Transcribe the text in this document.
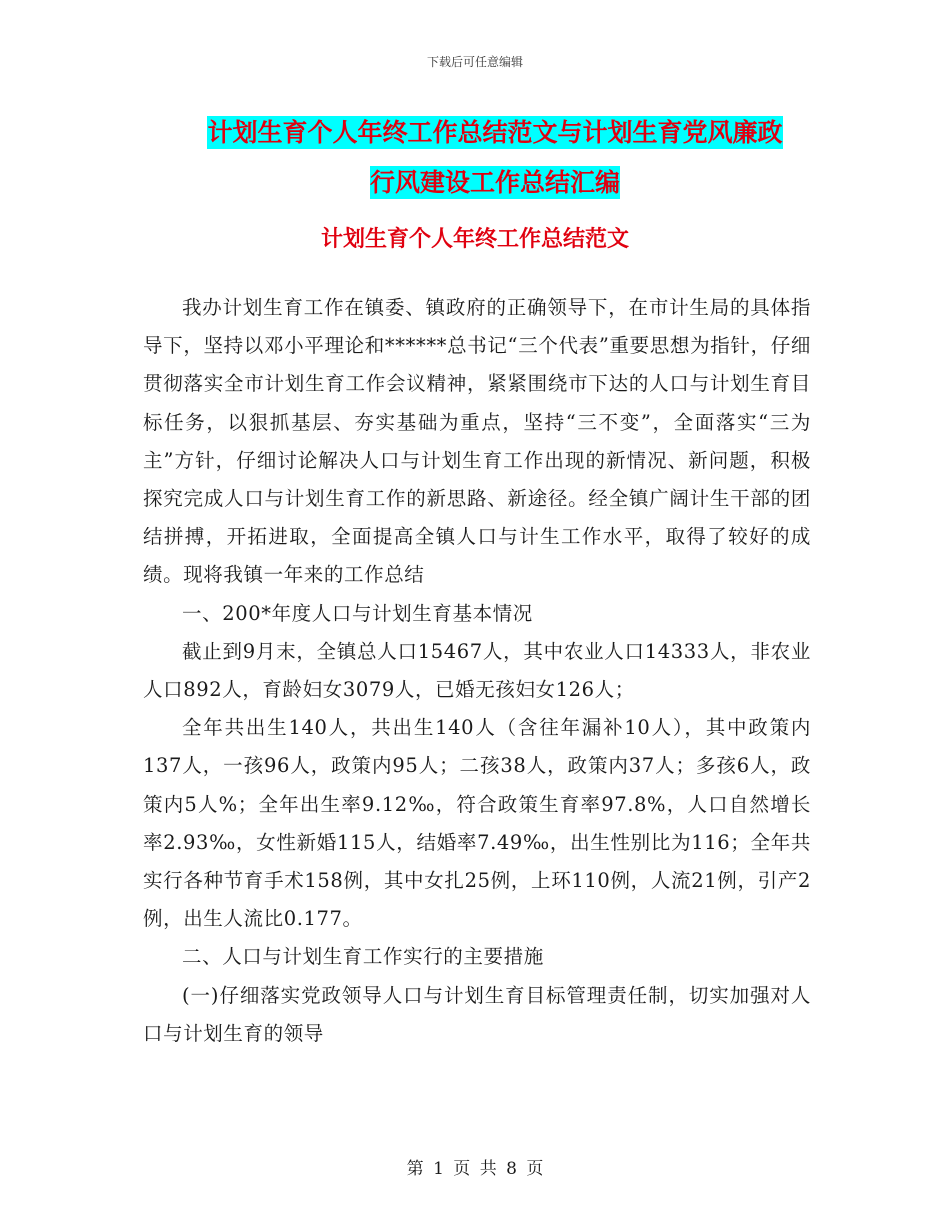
下载后可任意编辑
计划生育个人年终工作总结范文与计划生育党风廉政
行风建设工作总结汇编
计划生育个人年终工作总结范文

我办计划生育工作在镇委、镇政府的正确领导下，在市计生局的具体指导下，坚持以邓小平理论和******总书记“三个代表”重要思想为指针，仔细贯彻落实全市计划生育工作会议精神，紧紧围绕市下达的人口与计划生育目标任务，以狠抓基层、夯实基础为重点，坚持“三不变”，全面落实“三为主”方针，仔细讨论解决人口与计划生育工作出现的新情况、新问题，积极探究完成人口与计划生育工作的新思路、新途径。经全镇广阔计生干部的团结拼搏，开拓进取，全面提高全镇人口与计生工作水平，取得了较好的成绩。现将我镇一年来的工作总结

一、200*年度人口与计划生育基本情况

截止到9月末，全镇总人口15467人，其中农业人口14333人，非农业人口892人，育龄妇女3079人，已婚无孩妇女126人；

全年共出生140人，共出生140人（含往年漏补10人），其中政策内137人，一孩96人，政策内95人；二孩38人，政策内37人；多孩6人，政策内5人%；全年出生率9.12‰，符合政策生育率97.8%，人口自然增长率2.93‰，女性新婚115人，结婚率7.49‰，出生性别比为116；全年共实行各种节育手术158例，其中女扎25例，上环110例，人流21例，引产2例，出生人流比0.177。

二、人口与计划生育工作实行的主要措施

(一)仔细落实党政领导人口与计划生育目标管理责任制，切实加强对人口与计划生育的领导

第 1 页 共 8 页
